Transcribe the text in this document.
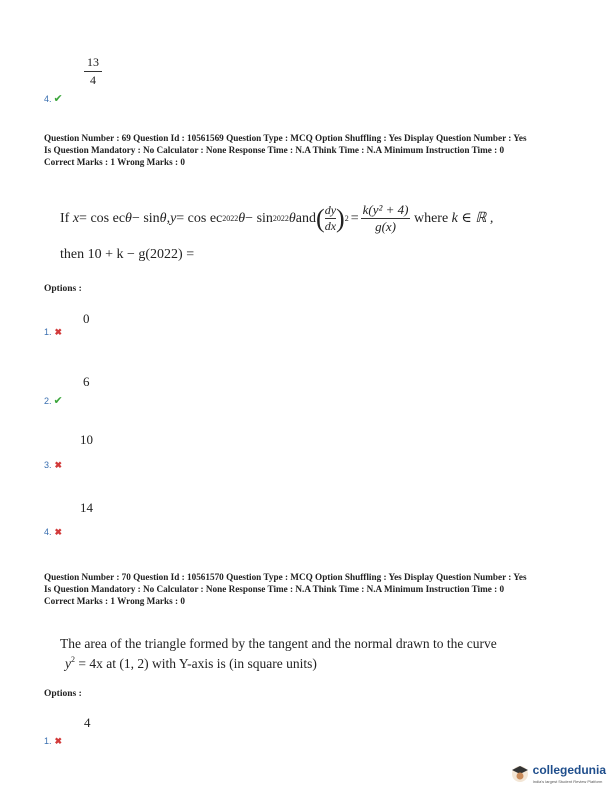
13
4
4. ✔
Question Number : 69 Question Id : 10561569 Question Type : MCQ Option Shuffling : Yes Display Question Number : Yes
Is Question Mandatory : No Calculator : None Response Time : N.A Think Time : N.A Minimum Instruction Time : 0
Correct Marks : 1 Wrong Marks : 0
If
x = cos ec θ − sin θ , y = cos ec 2022 θ − sin 2022 θ and ( dy
dx ) 2 =
k(y² + 4)
g(x)

where
k ∈ ℝ ,
then 10 + k − g(2022) =
Options :
0
1. ✖
6
2. ✔
10
3. ✖
14
4. ✖
Question Number : 70 Question Id : 10561570 Question Type : MCQ Option Shuffling : Yes Display Question Number : Yes
Is Question Mandatory : No Calculator : None Response Time : N.A Think Time : N.A Minimum Instruction Time : 0
Correct Marks : 1 Wrong Marks : 0
The area of the triangle formed by the tangent and the normal drawn to the curve
$y^2 = 4x$ at (1, 2) with Y-axis is (in square units)
Options :
4
1. ✖
collegedunia
India's largest Student Review Platform
